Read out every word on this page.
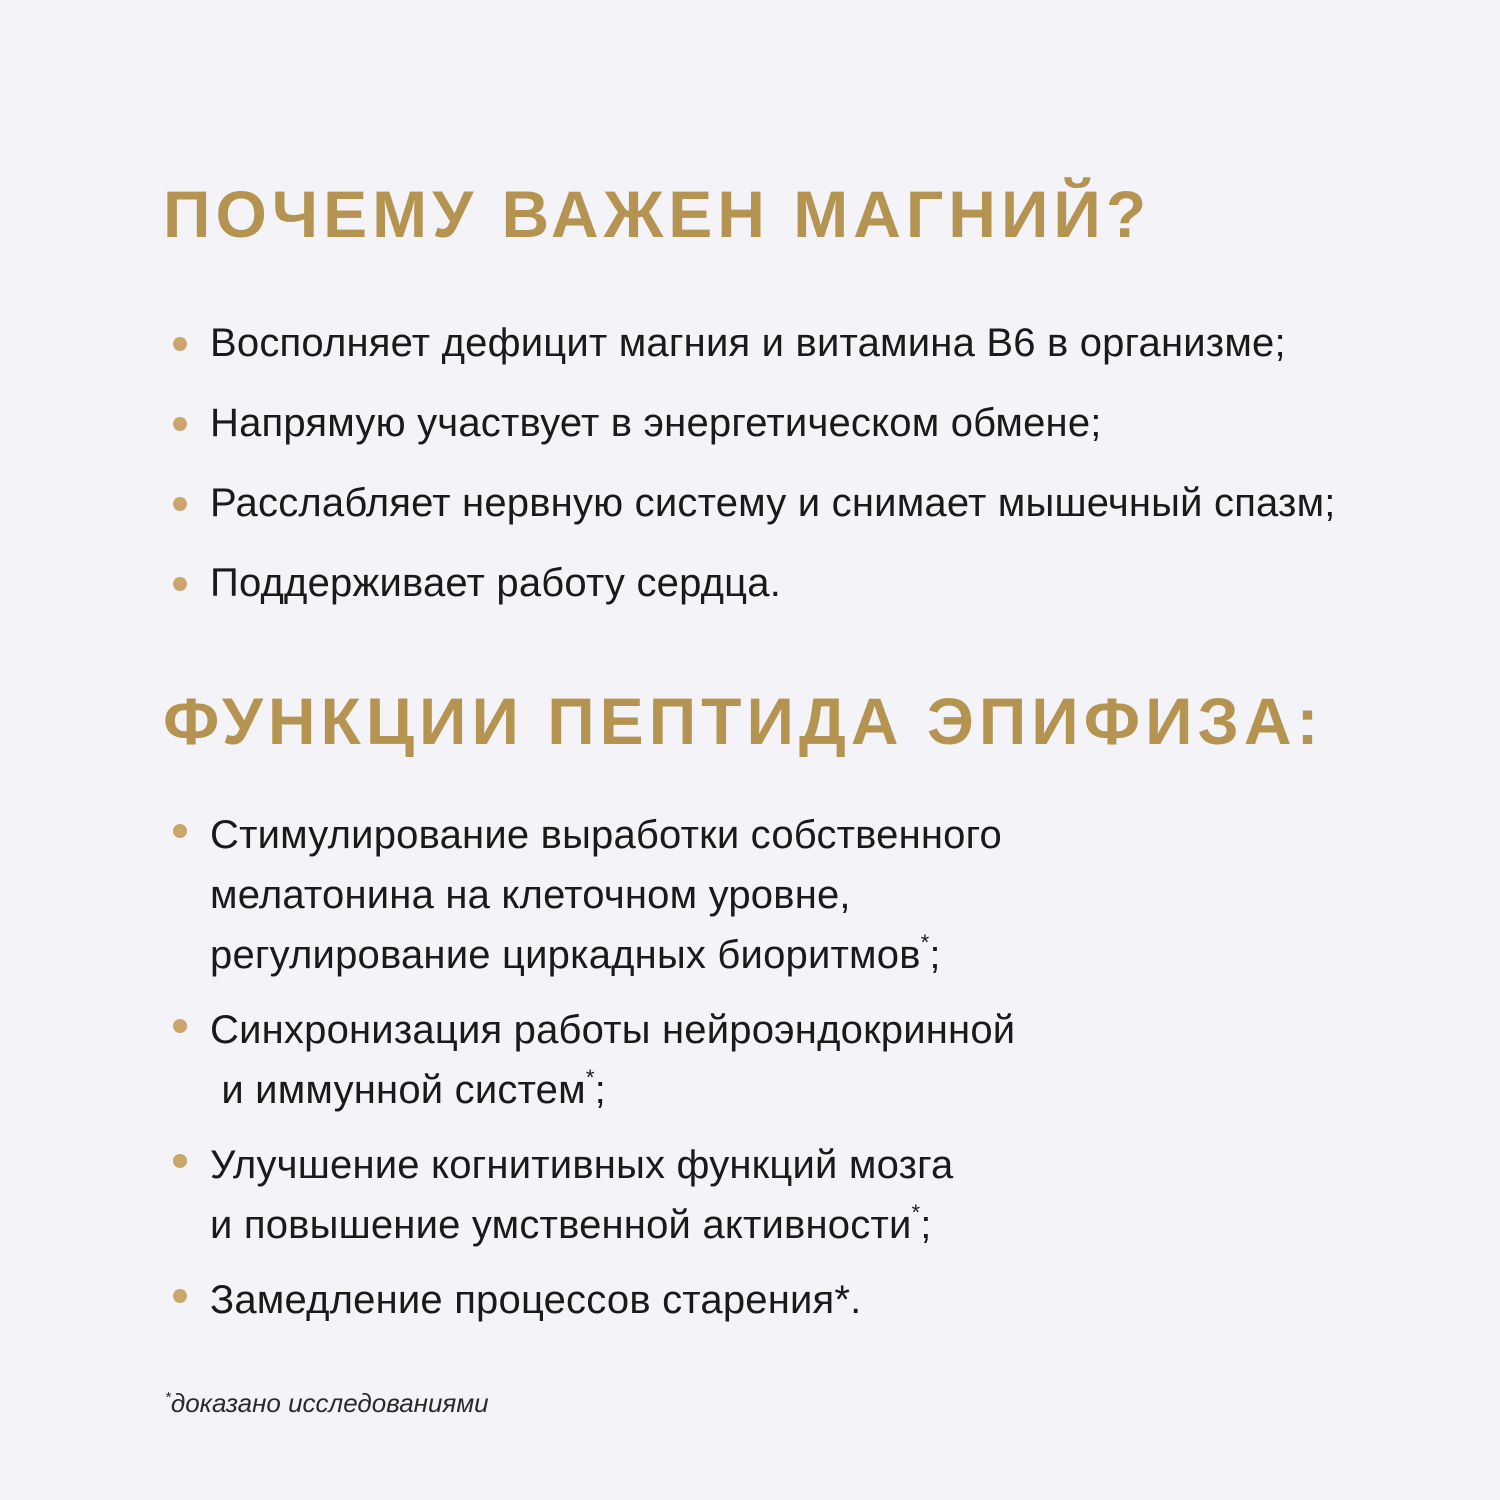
ПОЧЕМУ ВАЖЕН МАГНИЙ?
Восполняет дефицит магния и витамина В6 в организме;
Напрямую участвует в энергетическом обмене;
Расслабляет нервную систему и снимает мышечный спазм;
Поддерживает работу сердца.
ФУНКЦИИ ПЕПТИДА ЭПИФИЗА:
Стимулирование выработки собственного
мелатонина на клеточном уровне,
регулирование циркадных биоритмов*;
Синхронизация работы нейроэндокринной
и иммунной систем*;
Улучшение когнитивных функций мозга
и повышение умственной активности*;
Замедление процессов старения*.
*доказано исследованиями
